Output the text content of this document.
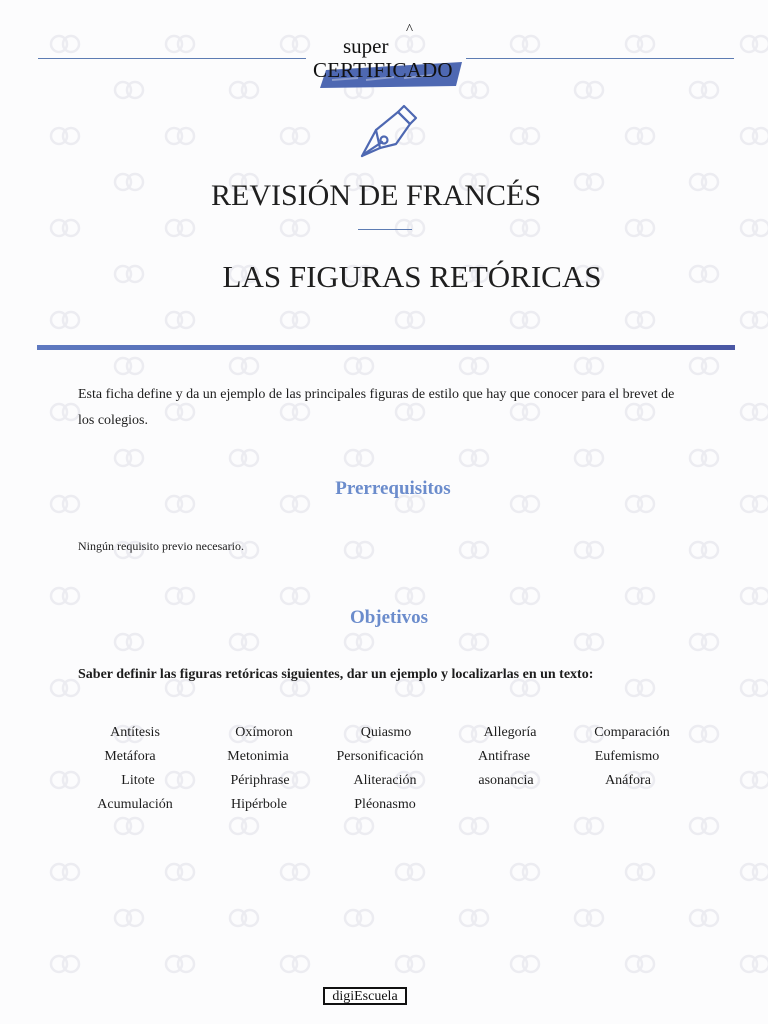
^
super
CERTIFICADO
REVISIÓN DE FRANCÉS
LAS FIGURAS RETÓRICAS

Esta ficha define y da un ejemplo de las principales figuras de estilo que hay que conocer para el brevet de los colegios.

Prerrequisitos

Ningún requisito previo necesario.

Objetivos

Saber definir las figuras retóricas siguientes, dar un ejemplo y localizarlas en un texto:

Antítesis	Oxímoron	Quiasmo	Allegoría	Comparación
Metáfora	Metonimia	Personificación	Antifrase	Eufemismo
Litote	Périphrase	Aliteración	asonancia	Anáfora
Acumulación	Hipérbole	Pléonasmo
digiEscuela
